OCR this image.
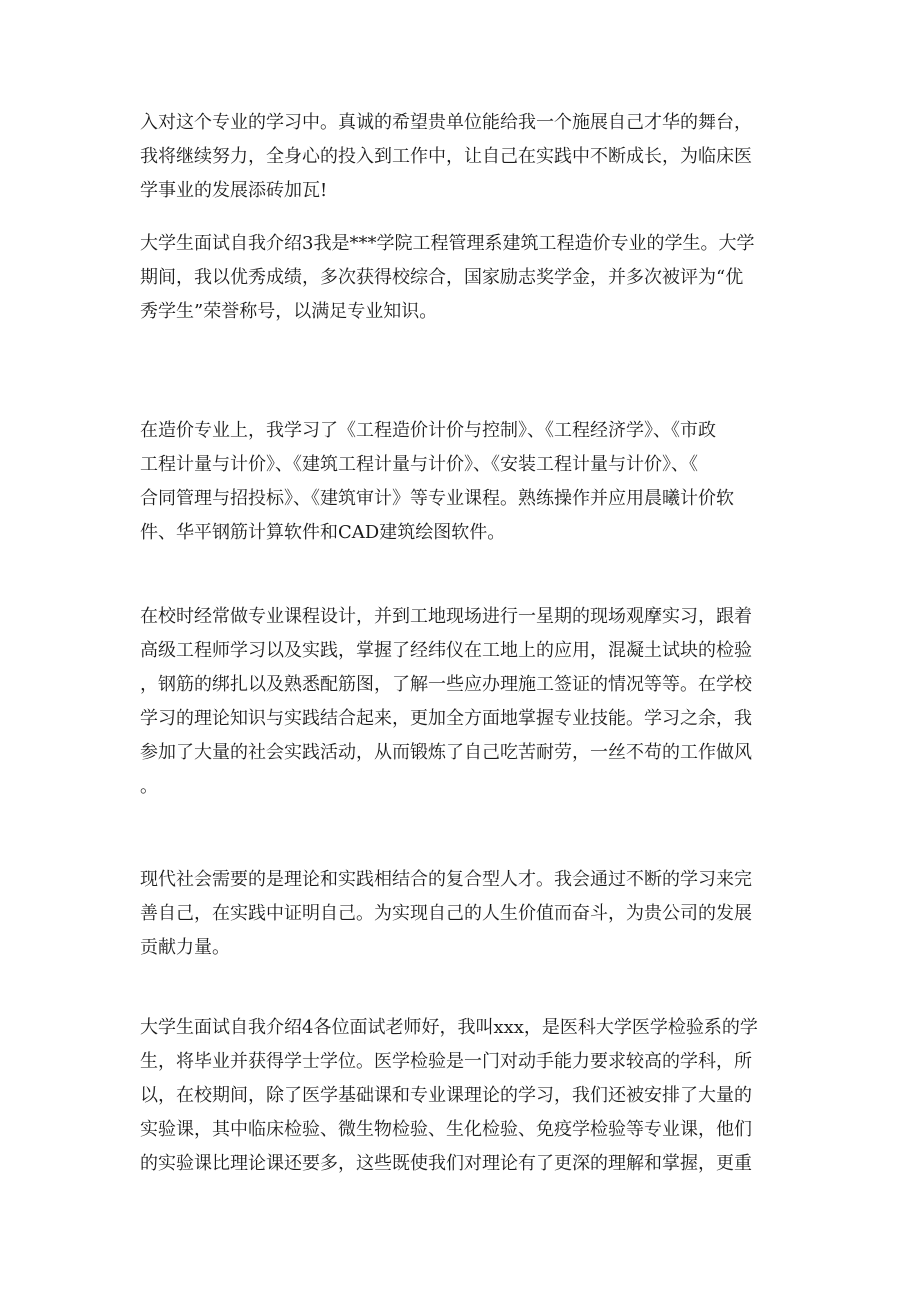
入对这个专业的学习中。真诚的希望贵单位能给我一个施展自己才华的舞台，
我将继续努力，全身心的投入到工作中，让自己在实践中不断成长，为临床医
学事业的发展添砖加瓦!
大学生面试自我介绍3我是***学院工程管理系建筑工程造价专业的学生。大学
期间，我以优秀成绩，多次获得校综合，国家励志奖学金，并多次被评为“优
秀学生”荣誉称号，以满足专业知识。
在造价专业上，我学习了《工程造价计价与控制》、《工程经济学》、《市政
工程计量与计价》、《建筑工程计量与计价》、《安装工程计量与计价》、《
合同管理与招投标》、《建筑审计》等专业课程。熟练操作并应用晨曦计价软
件、华平钢筋计算软件和CAD建筑绘图软件。
在校时经常做专业课程设计，并到工地现场进行一星期的现场观摩实习，跟着
高级工程师学习以及实践，掌握了经纬仪在工地上的应用，混凝土试块的检验
，钢筋的绑扎以及熟悉配筋图，了解一些应办理施工签证的情况等等。在学校
学习的理论知识与实践结合起来，更加全方面地掌握专业技能。学习之余，我
参加了大量的社会实践活动，从而锻炼了自己吃苦耐劳，一丝不苟的工作做风
。
现代社会需要的是理论和实践相结合的复合型人才。我会通过不断的学习来完
善自己，在实践中证明自己。为实现自己的人生价值而奋斗，为贵公司的发展
贡献力量。
大学生面试自我介绍4各位面试老师好，我叫xxx，是医科大学医学检验系的学
生，将毕业并获得学士学位。医学检验是一门对动手能力要求较高的学科，所
以，在校期间，除了医学基础课和专业课理论的学习，我们还被安排了大量的
实验课，其中临床检验、微生物检验、生化检验、免疫学检验等专业课，他们
的实验课比理论课还要多，这些既使我们对理论有了更深的理解和掌握，更重
